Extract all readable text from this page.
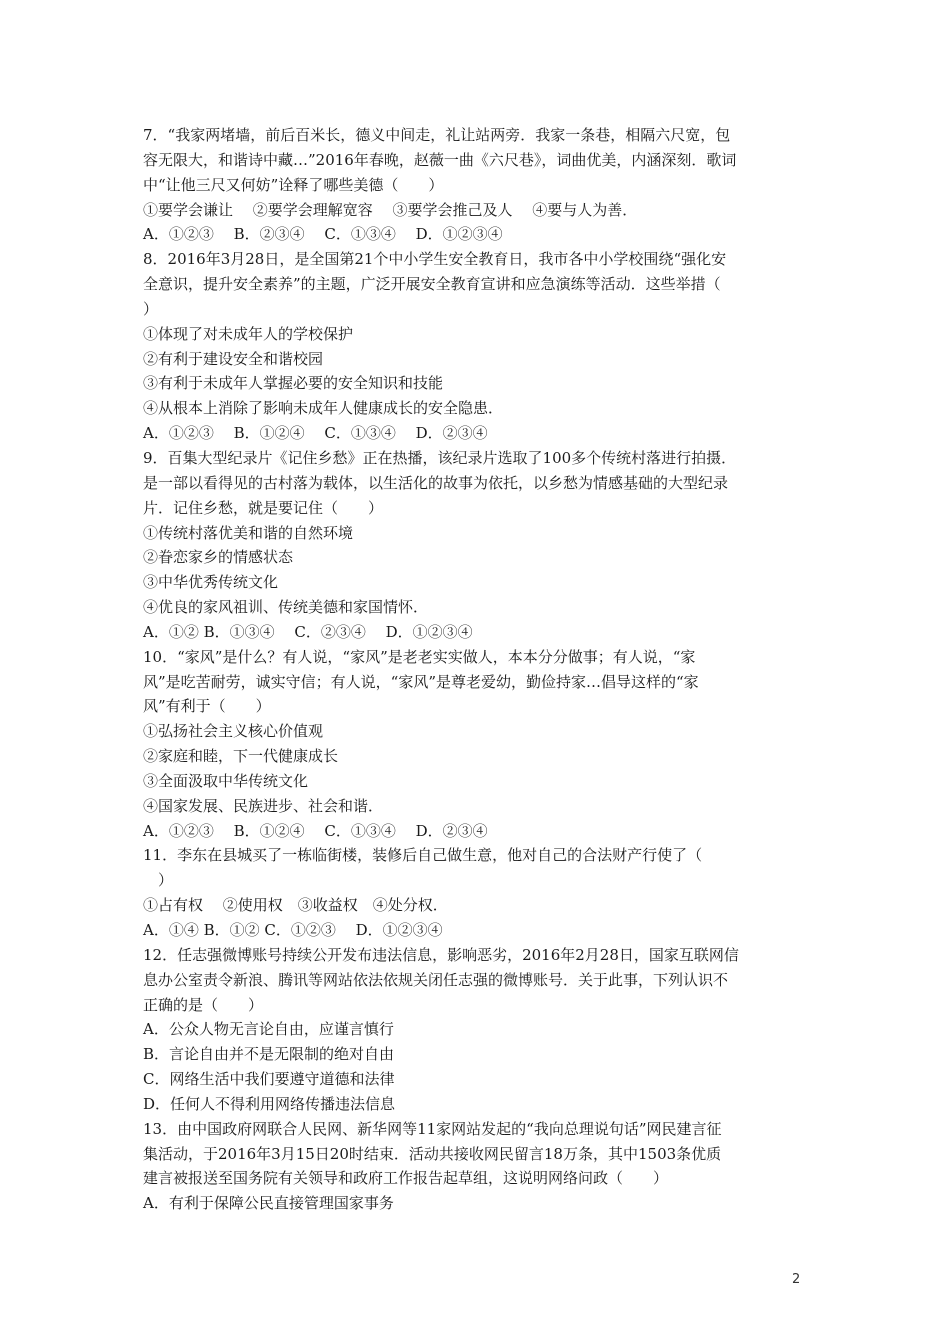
7．“我家两堵墙，前后百米长，德义中间走，礼让站两旁．我家一条巷，相隔六尺宽，包
容无限大，和谐诗中藏…”2016年春晚，赵薇一曲《六尺巷》，词曲优美，内涵深刻．歌词
中“让他三尺又何妨”诠释了哪些美德（　　）
①要学会谦让　 ②要学会理解宽容　 ③要学会推己及人　 ④要与人为善．
A．①②③　 B．②③④　 C．①③④　 D．①②③④
8．2016年3月28日，是全国第21个中小学生安全教育日，我市各中小学校围绕“强化安
全意识，提升安全素养”的主题，广泛开展安全教育宣讲和应急演练等活动．这些举措（
）
①体现了对未成年人的学校保护
②有利于建设安全和谐校园
③有利于未成年人掌握必要的安全知识和技能
④从根本上消除了影响未成年人健康成长的安全隐患．
A．①②③　 B．①②④　 C．①③④　 D．②③④
9．百集大型纪录片《记住乡愁》正在热播，该纪录片选取了100多个传统村落进行拍摄．
是一部以看得见的古村落为载体，以生活化的故事为依托，以乡愁为情感基础的大型纪录
片．记住乡愁，就是要记住（　　）
①传统村落优美和谐的自然环境
②眷恋家乡的情感状态
③中华优秀传统文化
④优良的家风祖训、传统美德和家国情怀．
A．①② B．①③④　 C．②③④　 D．①②③④
10．“家风”是什么？有人说，“家风”是老老实实做人，本本分分做事；有人说，“家
风”是吃苦耐劳，诚实守信；有人说，“家风”是尊老爱幼，勤俭持家…倡导这样的“家
风”有利于（　　）
①弘扬社会主义核心价值观
②家庭和睦，下一代健康成长
③全面汲取中华传统文化
④国家发展、民族进步、社会和谐．
A．①②③　 B．①②④　 C．①③④　 D．②③④
11．李东在县城买了一栋临街楼，装修后自己做生意，他对自己的合法财产行使了（
　）
①占有权　 ②使用权　③收益权　④处分权．
A．①④ B．①② C．①②③　 D．①②③④
12．任志强微博账号持续公开发布违法信息，影响恶劣，2016年2月28日，国家互联网信
息办公室责令新浪、腾讯等网站依法依规关闭任志强的微博账号．关于此事，下列认识不
正确的是（　　）
A．公众人物无言论自由，应谨言慎行
B．言论自由并不是无限制的绝对自由
C．网络生活中我们要遵守道德和法律
D．任何人不得利用网络传播违法信息
13．由中国政府网联合人民网、新华网等11家网站发起的“我向总理说句话”网民建言征
集活动，于2016年3月15日20时结束．活动共接收网民留言18万条，其中1503条优质
建言被报送至国务院有关领导和政府工作报告起草组，这说明网络问政（　　）
A．有利于保障公民直接管理国家事务
2
